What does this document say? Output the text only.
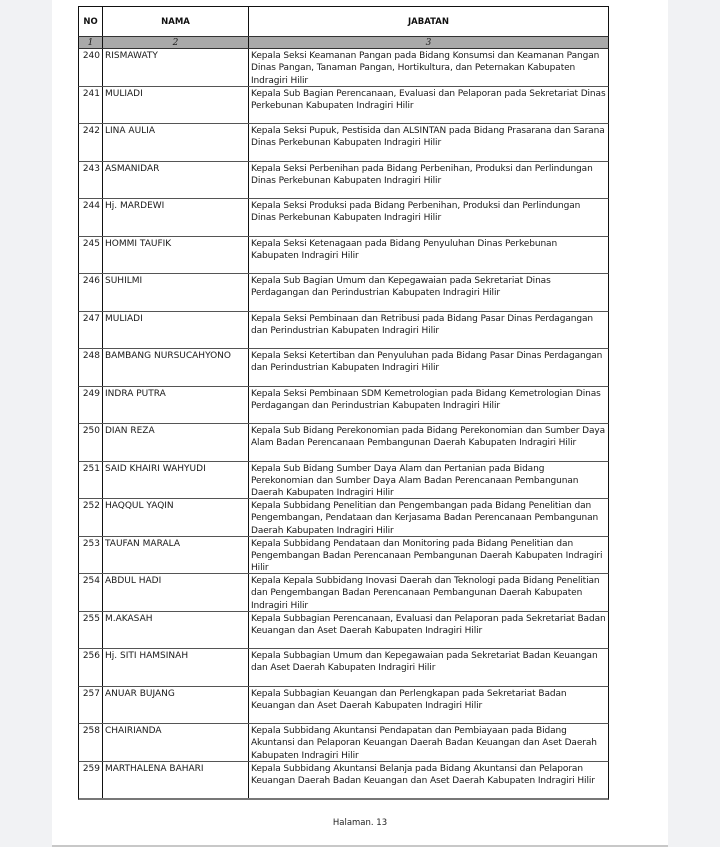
NO	NAMA	JABATAN
1	2	3
240 RISMAWATY	Kepala Seksi Keamanan Pangan pada Bidang Konsumsi dan Keamanan Pangan Dinas Pangan, Tanaman Pangan, Hortikultura, dan Peternakan Kabupaten Indragiri Hilir
241 MULIADI	Kepala Sub Bagian Perencanaan, Evaluasi dan Pelaporan pada Sekretariat Dinas Perkebunan Kabupaten Indragiri Hilir
242 LINA AULIA	Kepala Seksi Pupuk, Pestisida dan ALSINTAN pada Bidang Prasarana dan Sarana Dinas Perkebunan Kabupaten Indragiri Hilir
243 ASMANIDAR	Kepala Seksi Perbenihan pada Bidang Perbenihan, Produksi dan Perlindungan Dinas Perkebunan Kabupaten Indragiri Hilir
244 Hj. MARDEWI	Kepala Seksi Produksi pada Bidang Perbenihan, Produksi dan Perlindungan Dinas Perkebunan Kabupaten Indragiri Hilir
245 HOMMI TAUFIK	Kepala Seksi Ketenagaan pada Bidang Penyuluhan Dinas Perkebunan Kabupaten Indragiri Hilir
246 SUHILMI	Kepala Sub Bagian Umum dan Kepegawaian pada Sekretariat Dinas Perdagangan dan Perindustrian Kabupaten Indragiri Hilir
247 MULIADI	Kepala Seksi Pembinaan dan Retribusi pada Bidang Pasar Dinas Perdagangan dan Perindustrian Kabupaten Indragiri Hilir
248 BAMBANG NURSUCAHYONO	Kepala Seksi Ketertiban dan Penyuluhan pada Bidang Pasar Dinas Perdagangan dan Perindustrian Kabupaten Indragiri Hilir
249 INDRA PUTRA	Kepala Seksi Pembinaan SDM Kemetrologian pada Bidang Kemetrologian Dinas Perdagangan dan Perindustrian Kabupaten Indragiri Hilir
250 DIAN REZA	Kepala Sub Bidang Perekonomian pada Bidang Perekonomian dan Sumber Daya Alam Badan Perencanaan Pembangunan Daerah Kabupaten Indragiri Hilir
251 SAID KHAIRI WAHYUDI	Kepala Sub Bidang Sumber Daya Alam dan Pertanian pada Bidang Perekonomian dan Sumber Daya Alam Badan Perencanaan Pembangunan Daerah Kabupaten Indragiri Hilir
252 HAQQUL YAQIN	Kepala Subbidang Penelitian dan Pengembangan pada Bidang Penelitian dan Pengembangan, Pendataan dan Kerjasama Badan Perencanaan Pembangunan Daerah Kabupaten Indragiri Hilir
253 TAUFAN MARALA	Kepala Subbidang Pendataan dan Monitoring pada Bidang Penelitian dan Pengembangan Badan Perencanaan Pembangunan Daerah Kabupaten Indragiri Hilir
254 ABDUL HADI	Kepala Kepala Subbidang Inovasi Daerah dan Teknologi pada Bidang Penelitian dan Pengembangan Badan Perencanaan Pembangunan Daerah Kabupaten Indragiri Hilir
255 M.AKASAH	Kepala Subbagian Perencanaan, Evaluasi dan Pelaporan pada Sekretariat Badan Keuangan dan Aset Daerah Kabupaten Indragiri Hilir
256 Hj. SITI HAMSINAH	Kepala Subbagian Umum dan Kepegawaian pada Sekretariat Badan Keuangan dan Aset Daerah Kabupaten Indragiri Hilir
257 ANUAR BUJANG	Kepala Subbagian Keuangan dan Perlengkapan pada Sekretariat Badan Keuangan dan Aset Daerah Kabupaten Indragiri Hilir
258 CHAIRIANDA	Kepala Subbidang Akuntansi Pendapatan dan Pembiayaan pada Bidang Akuntansi dan Pelaporan Keuangan Daerah Badan Keuangan dan Aset Daerah Kabupaten Indragiri Hilir
259 MARTHALENA BAHARI	Kepala Subbidang Akuntansi Belanja pada Bidang Akuntansi dan Pelaporan Keuangan Daerah Badan Keuangan dan Aset Daerah Kabupaten Indragiri Hilir
Halaman. 13
